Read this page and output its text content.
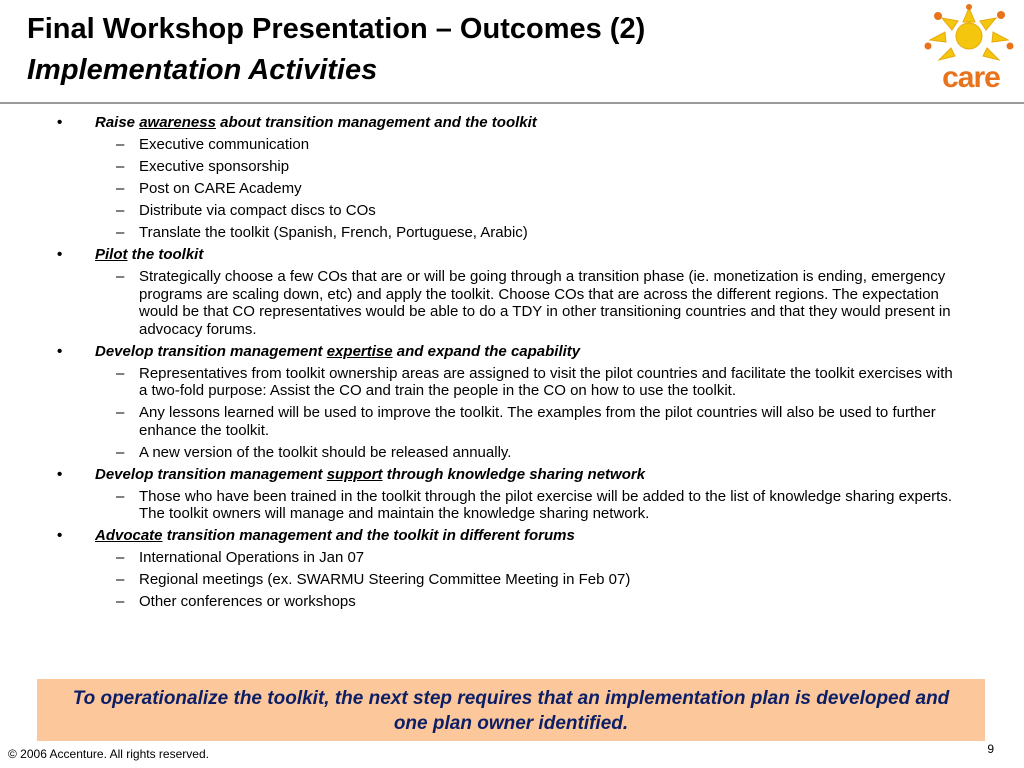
Final Workshop Presentation – Outcomes (2)
Implementation Activities	care
• Raise awareness about transition management and the toolkit
– Executive communication
– Executive sponsorship
– Post on CARE Academy
– Distribute via compact discs to COs
– Translate the toolkit (Spanish, French, Portuguese, Arabic)
• Pilot the toolkit
– Strategically choose a few COs that are or will be going through a transition phase (ie. monetization is ending, emergency programs are scaling down, etc) and apply the toolkit. Choose COs that are across the different regions. The expectation would be that CO representatives would be able to do a TDY in other transitioning countries and that they would present in advocacy forums.
• Develop transition management expertise and expand the capability
– Representatives from toolkit ownership areas are assigned to visit the pilot countries and facilitate the toolkit exercises with a two-fold purpose: Assist the CO and train the people in the CO on how to use the toolkit.
– Any lessons learned will be used to improve the toolkit. The examples from the pilot countries will also be used to further enhance the toolkit.
– A new version of the toolkit should be released annually.
• Develop transition management support through knowledge sharing network
– Those who have been trained in the toolkit through the pilot exercise will be added to the list of knowledge sharing experts. The toolkit owners will manage and maintain the knowledge sharing network.
• Advocate transition management and the toolkit in different forums
– International Operations in Jan 07
– Regional meetings (ex. SWARMU Steering Committee Meeting in Feb 07)
– Other conferences or workshops
To operationalize the toolkit, the next step requires that an implementation plan is developed and one plan owner identified.
© 2006 Accenture. All rights reserved.	9
